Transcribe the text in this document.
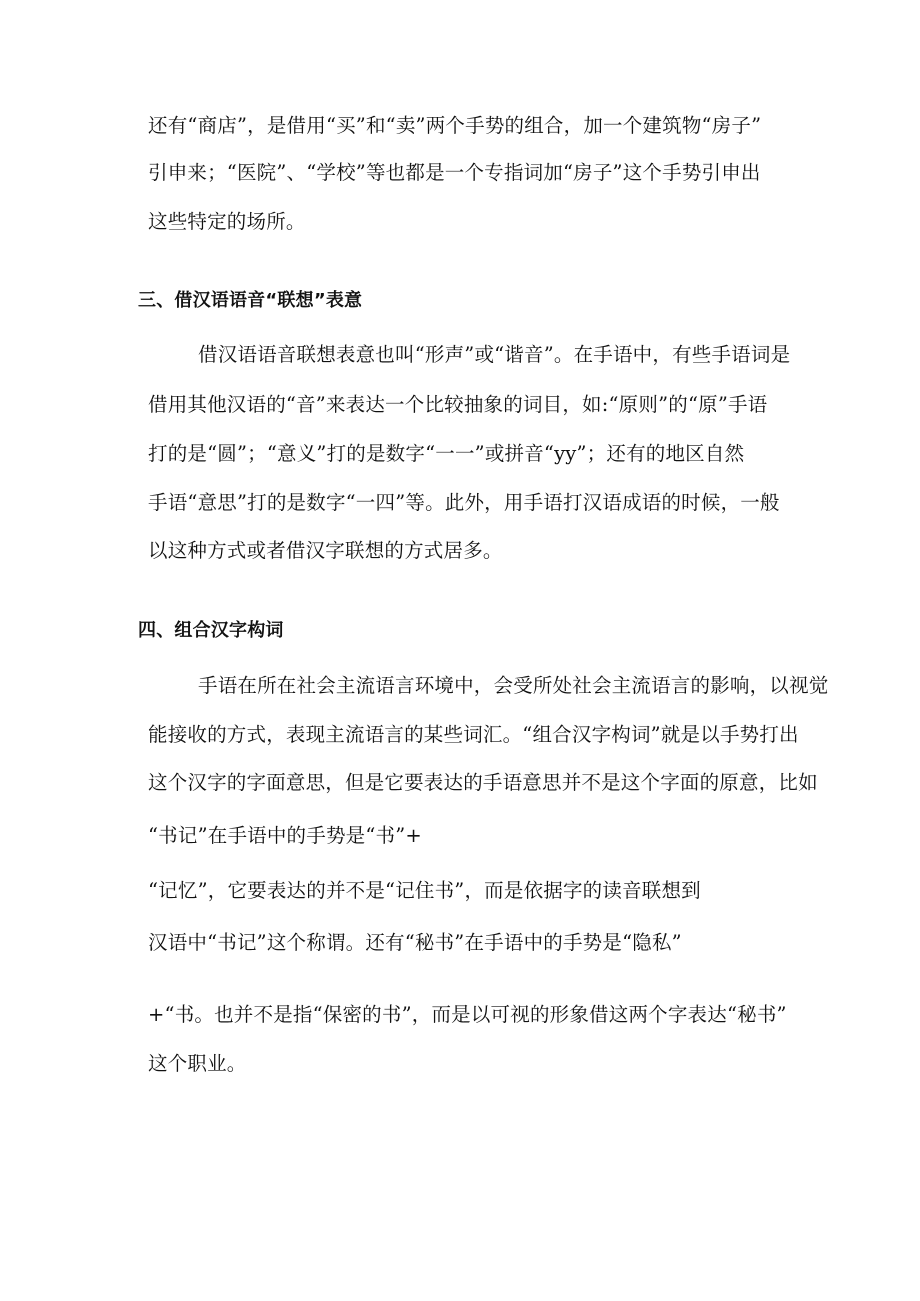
还有“商店”，是借用“买”和“卖”两个手势的组合，加一个建筑物“房子”
引申来；“医院”、“学校”等也都是一个专指词加“房子”这个手势引申出
这些特定的场所。
三、借汉语语音“联想”表意
借汉语语音联想表意也叫“形声”或“谐音”。在手语中，有些手语词是
借用其他汉语的“音”来表达一个比较抽象的词目，如:“原则”的“原”手语
打的是“圆”；“意义”打的是数字“一一”或拼音“yy”；还有的地区自然
手语“意思”打的是数字“一四”等。此外，用手语打汉语成语的时候，一般
以这种方式或者借汉字联想的方式居多。
四、组合汉字构词
手语在所在社会主流语言环境中，会受所处社会主流语言的影响，以视觉
能接收的方式，表现主流语言的某些词汇。“组合汉字构词”就是以手势打出
这个汉字的字面意思，但是它要表达的手语意思并不是这个字面的原意，比如
“书记”在手语中的手势是“书”+
“记忆”，它要表达的并不是“记住书”，而是依据字的读音联想到
汉语中“书记”这个称谓。还有“秘书”在手语中的手势是“隐私”
+“书。也并不是指“保密的书”，而是以可视的形象借这两个字表达“秘书”
这个职业。
